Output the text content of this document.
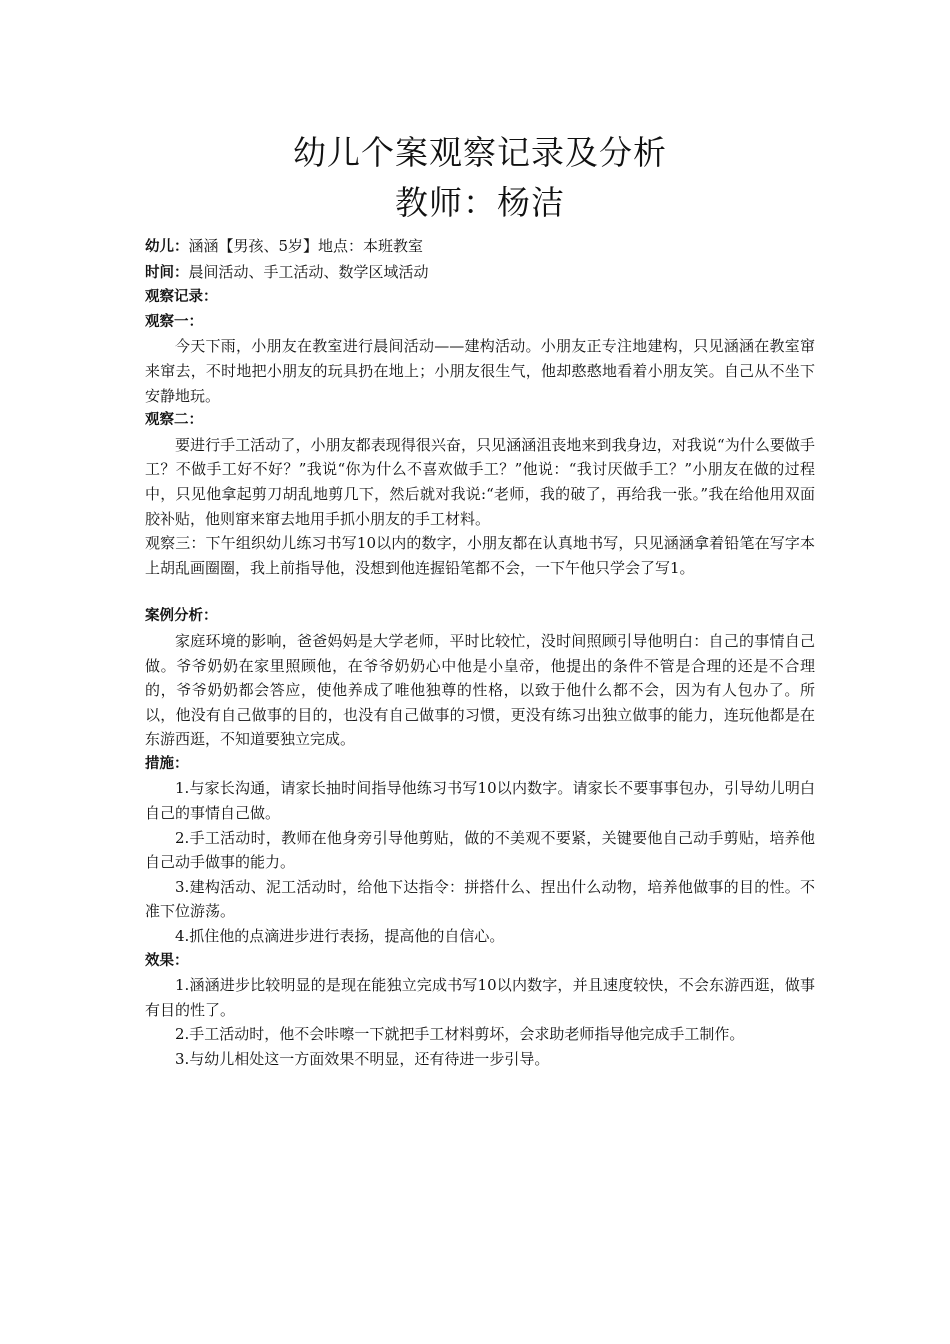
幼儿个案观察记录及分析
教师：杨洁

幼儿：涵涵【男孩、5岁】地点：本班教室

时间：晨间活动、手工活动、数学区域活动

观察记录：

观察一：

今天下雨，小朋友在教室进行晨间活动——建构活动。小朋友正专注地建构，只见涵涵在教室窜来窜去，不时地把小朋友的玩具扔在地上；小朋友很生气，他却憨憨地看着小朋友笑。自己从不坐下安静地玩。

观察二：

要进行手工活动了，小朋友都表现得很兴奋，只见涵涵沮丧地来到我身边，对我说“为什么要做手工？不做手工好不好？”我说“你为什么不喜欢做手工？”他说：“我讨厌做手工？”小朋友在做的过程中，只见他拿起剪刀胡乱地剪几下，然后就对我说:“老师，我的破了，再给我一张。”我在给他用双面胶补贴，他则窜来窜去地用手抓小朋友的手工材料。

观察三：下午组织幼儿练习书写10以内的数字，小朋友都在认真地书写，只见涵涵拿着铅笔在写字本上胡乱画圈圈，我上前指导他，没想到他连握铅笔都不会，一下午他只学会了写1。

案例分析：

家庭环境的影响，爸爸妈妈是大学老师，平时比较忙，没时间照顾引导他明白：自己的事情自己做。爷爷奶奶在家里照顾他，在爷爷奶奶心中他是小皇帝，他提出的条件不管是合理的还是不合理的，爷爷奶奶都会答应，使他养成了唯他独尊的性格，以致于他什么都不会，因为有人包办了。所以，他没有自己做事的目的，也没有自己做事的习惯，更没有练习出独立做事的能力，连玩他都是在东游西逛，不知道要独立完成。

措施：

1.与家长沟通，请家长抽时间指导他练习书写10以内数字。请家长不要事事包办，引导幼儿明白自己的事情自己做。

2.手工活动时，教师在他身旁引导他剪贴，做的不美观不要紧，关键要他自己动手剪贴，培养他自己动手做事的能力。

3.建构活动、泥工活动时，给他下达指令：拼搭什么、捏出什么动物，培养他做事的目的性。不准下位游荡。

4.抓住他的点滴进步进行表扬，提高他的自信心。

效果：

1.涵涵进步比较明显的是现在能独立完成书写10以内数字，并且速度较快，不会东游西逛，做事有目的性了。

2.手工活动时，他不会咔嚓一下就把手工材料剪坏，会求助老师指导他完成手工制作。

3.与幼儿相处这一方面效果不明显，还有待进一步引导。
